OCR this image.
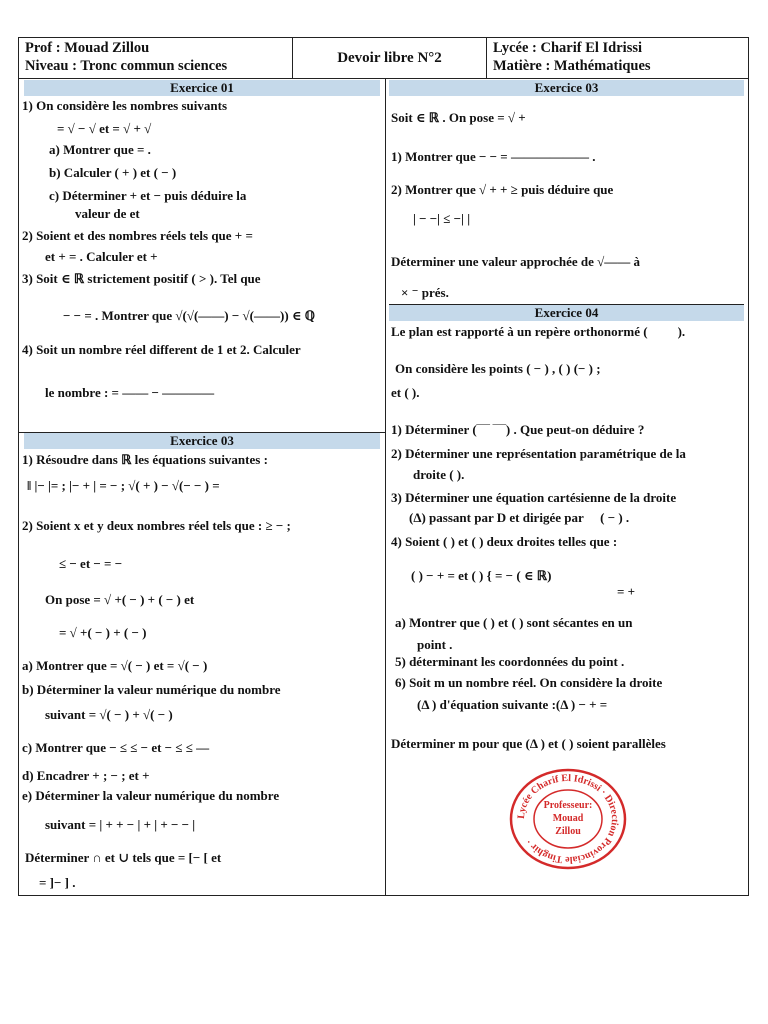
Prof : Mouad Zillou
Niveau : Tronc commun sciences	Devoir libre N°2
Lycée : Charif El Idrissi
Matière : Mathématiques
Exercice 01
1) On considère les nombres suivants
= √ − √ et = √ + √
a) Montrer que = .
b) Calculer ( + ) et ( − )
c) Déterminer + et − puis déduire la
valeur de et
2) Soient et des nombres réels tels que + =
et + = . Calculer et +
3) Soit ∈ ℝ strictement positif ( > ). Tel que
− − = . Montrer que √(√(——) − √(——)) ∈ ℚ
4) Soit un nombre réel different de 1 et 2. Calculer
le nombre : = —— − ————
Exercice 03
1) Résoudre dans ℝ les équations suivantes :
‖ |− |= ; |− + | = − ; √( + ) − √(− − ) =
2) Soient x et y deux nombres réel tels que : ≥ − ;
≤ − et − = −
On pose = √ +( − ) + ( − ) et
= √ +( − ) + ( − )
a) Montrer que = √( − ) et = √( − )
b) Déterminer la valeur numérique du nombre
suivant = √( − ) + √( − )
c) Montrer que − ≤ ≤ − et − ≤ ≤ —
d) Encadrer + ; − ; et +
e) Déterminer la valeur numérique du nombre
suivant = | + + − | + | + − − |
Déterminer ∩ et ∪ tels que = [− [ et
= ]− ] .
Exercice 03
Soit ∈ ℝ . On pose = √ +
1) Montrer que − − = —————— .
2) Montrer que √ + + ≥ puis déduire que
| − −| ≤ −| |
Déterminer une valeur approchée de √—— à
× ⁻ prés.
Exercice 04
Le plan est rapporté à un repère orthonormé ( ⃗ ⃗ ).
On considère les points ( − ) , ( ) (− ) ;
et ( ).
1) Déterminer (‾‾‾ ‾‾‾) . Que peut-on déduire ?
2) Déterminer une représentation paramétrique de la
droite ( ).
3) Déterminer une équation cartésienne de la droite
(Δ) passant par D et dirigée par ⃗ ( − ) .
4) Soient ( ) et ( ) deux droites telles que :
( ) − + = et ( ) { = − ( ∈ ℝ)
= +
a) Montrer que ( ) et ( ) sont sécantes en un
point .
5) déterminant les coordonnées du point .
6) Soit m un nombre réel. On considère la droite
(Δ ) d'équation suivante :(Δ ) − + =
Déterminer m pour que (Δ ) et ( ) soient parallèles
Lycée Charif El Idrissi · Direction Provinciale Tinghir ·
Professeur:
Mouad
Zillou
